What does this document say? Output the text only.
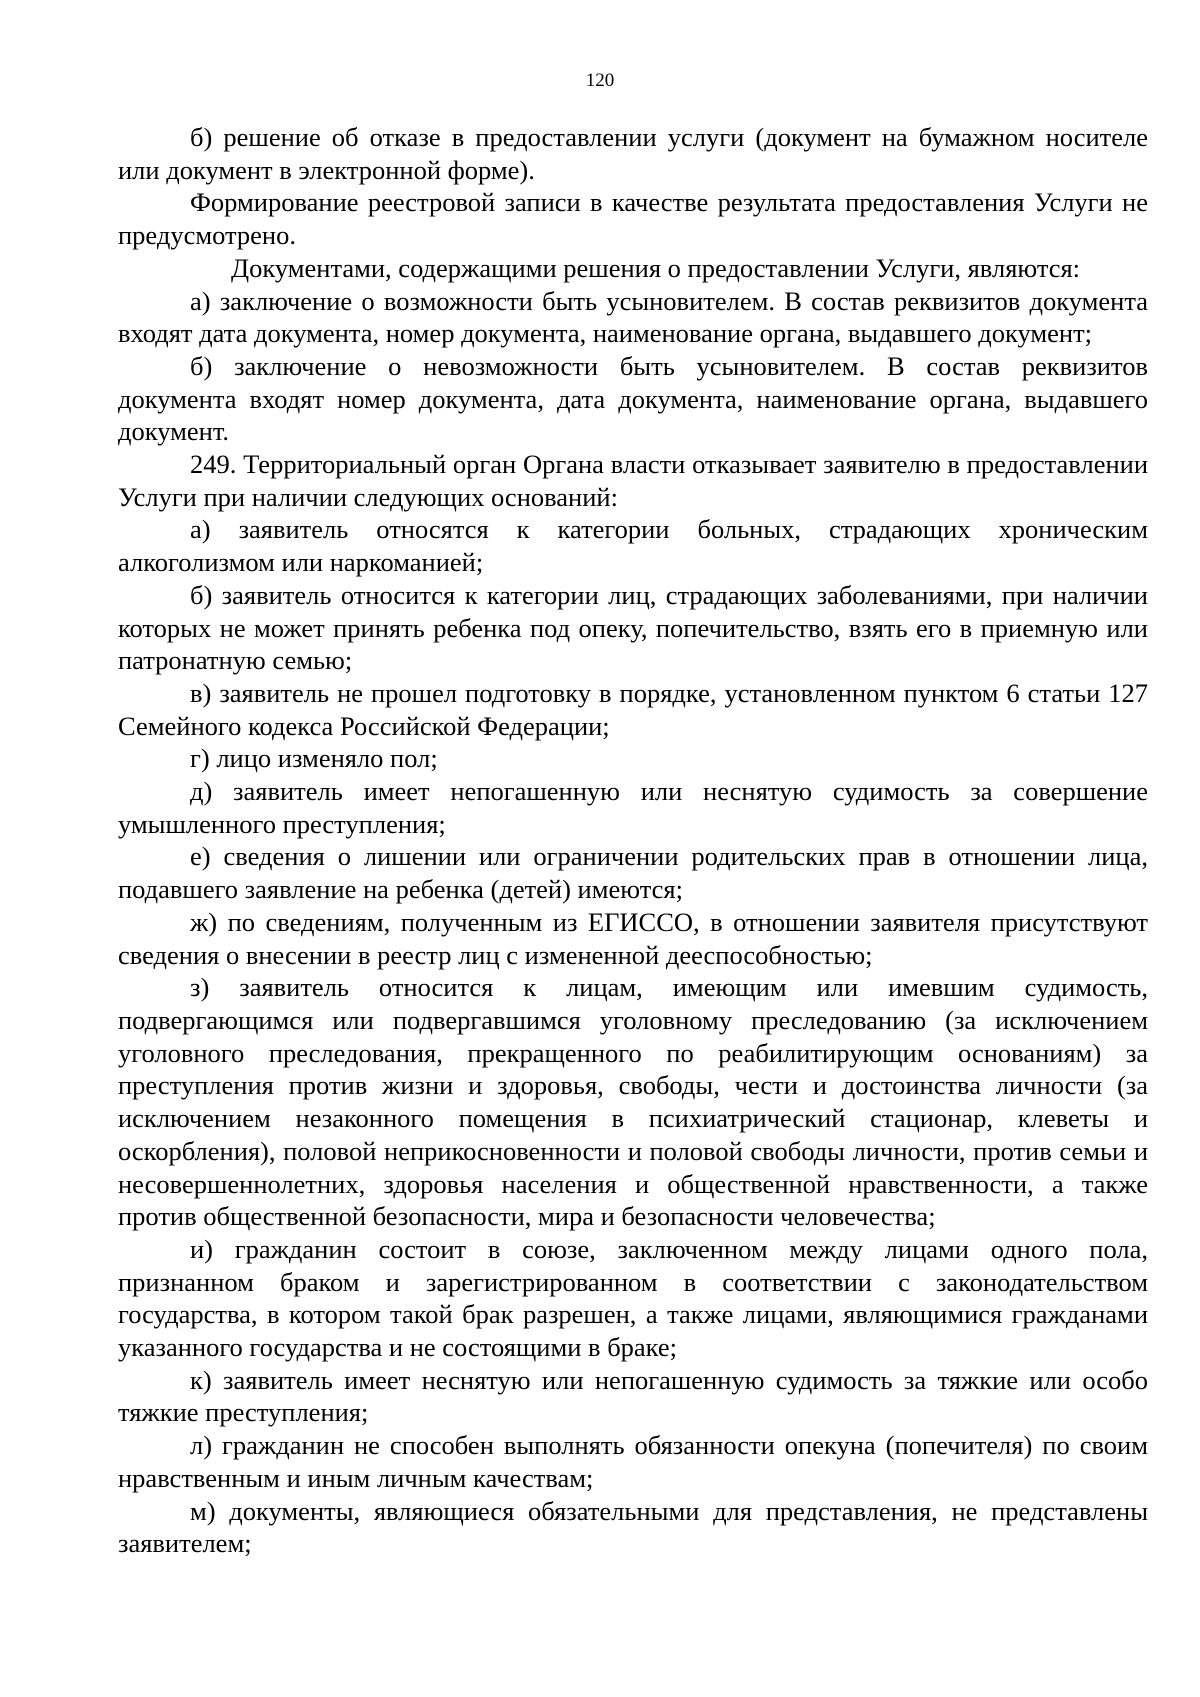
120

б) решение об отказе в предоставлении услуги (документ на бумажном носителе или документ в электронной форме).

Формирование реестровой записи в качестве результата предоставления Услуги не предусмотрено.

Документами, содержащими решения о предоставлении Услуги, являются:

а) заключение о возможности быть усыновителем. В состав реквизитов документа входят дата документа, номер документа, наименование органа, выдавшего документ;

б) заключение о невозможности быть усыновителем. В состав реквизитов документа входят номер документа, дата документа, наименование органа, выдавшего документ.

249. Территориальный орган Органа власти отказывает заявителю в предоставлении Услуги при наличии следующих оснований:

а) заявитель относятся к категории больных, страдающих хроническим алкоголизмом или наркоманией;

б) заявитель относится к категории лиц, страдающих заболеваниями, при наличии которых не может принять ребенка под опеку, попечительство, взять его в приемную или патронатную семью;

в) заявитель не прошел подготовку в порядке, установленном пунктом 6 статьи 127 Семейного кодекса Российской Федерации;

г) лицо изменяло пол;

д) заявитель имеет непогашенную или неснятую судимость за совершение умышленного преступления;

е) сведения о лишении или ограничении родительских прав в отношении лица, подавшего заявление на ребенка (детей) имеются;

ж) по сведениям, полученным из ЕГИССО, в отношении заявителя присутствуют сведения о внесении в реестр лиц с измененной дееспособностью;

з) заявитель относится к лицам, имеющим или имевшим судимость, подвергающимся или подвергавшимся уголовному преследованию (за исключением уголовного преследования, прекращенного по реабилитирующим основаниям) за преступления против жизни и здоровья, свободы, чести и достоинства личности (за исключением незаконного помещения в психиатрический стационар, клеветы и оскорбления), половой неприкосновенности и половой свободы личности, против семьи и несовершеннолетних, здоровья населения и общественной нравственности, а также против общественной безопасности, мира и безопасности человечества;

и) гражданин состоит в союзе, заключенном между лицами одного пола, признанном браком и зарегистрированном в соответствии с законодательством государства, в котором такой брак разрешен, а также лицами, являющимися гражданами указанного государства и не состоящими в браке;

к) заявитель имеет неснятую или непогашенную судимость за тяжкие или особо тяжкие преступления;

л) гражданин не способен выполнять обязанности опекуна (попечителя) по своим нравственным и иным личным качествам;

м) документы, являющиеся обязательными для представления, не представлены заявителем;
